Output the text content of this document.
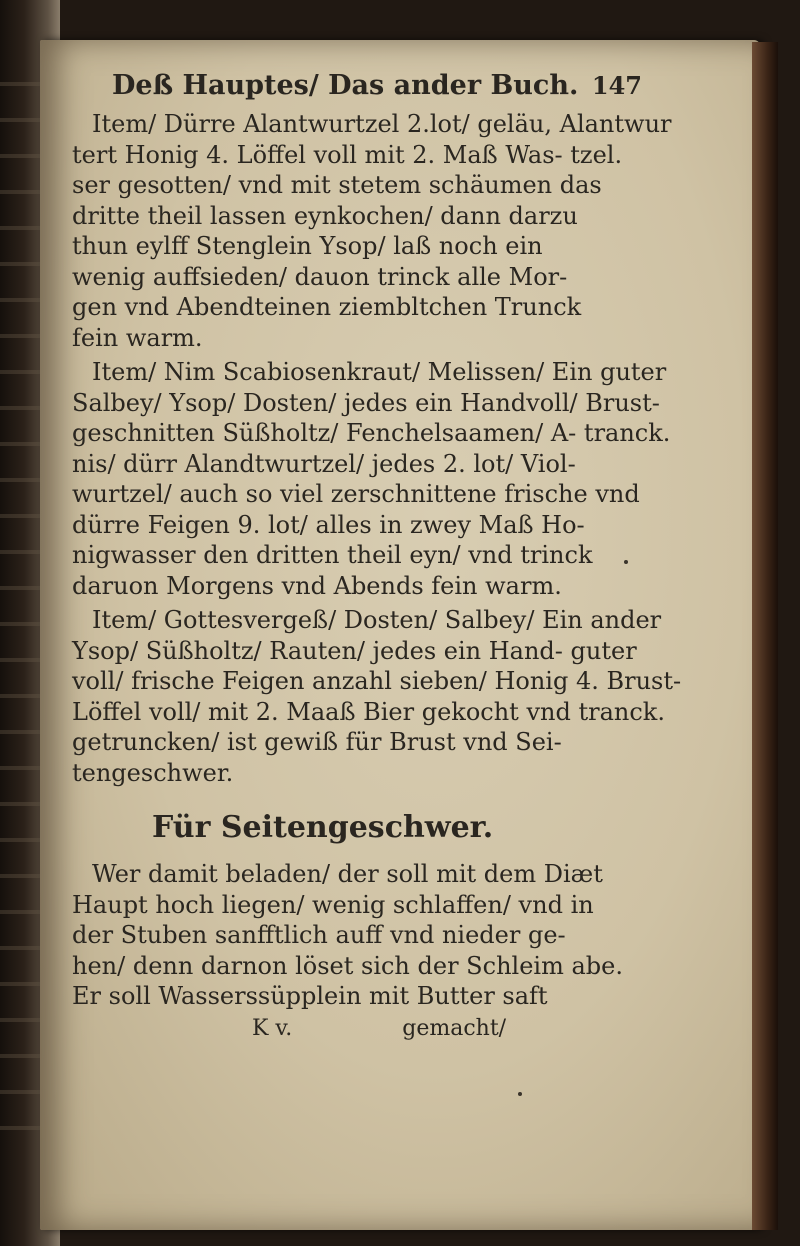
Deß Hauptes/ Das ander Buch. 147

Item/ Dürre Alantwurtzel 2.lot/ geläu, Alantwur
tert Honig 4. Löffel voll mit 2. Maß Was- tzel.
ser gesotten/ vnd mit stetem schäumen das
dritte theil lassen eynkochen/ dann darzu
thun eylff Stenglein Ysop/ laß noch ein
wenig auffsieden/ dauon trinck alle Mor-
gen vnd Abendteinen ziembltchen Trunck
fein warm.

Item/ Nim Scabiosenkraut/ Melissen/ Ein guter
Salbey/ Ysop/ Dosten/ jedes ein Handvoll/ Brust-
geschnitten Süßholtz/ Fenchelsaamen/ A- tranck.
nis/ dürr Alandtwurtzel/ jedes 2. lot/ Viol-
wurtzel/ auch so viel zerschnittene frische vnd
dürre Feigen 9. lot/ alles in zwey Maß Ho-
nigwasser den dritten theil eyn/ vnd trinck
daruon Morgens vnd Abends fein warm.

Item/ Gottesvergeß/ Dosten/ Salbey/ Ein ander
Ysop/ Süßholtz/ Rauten/ jedes ein Hand- guter
voll/ frische Feigen anzahl sieben/ Honig 4. Brust-
Löffel voll/ mit 2. Maaß Bier gekocht vnd tranck.
getruncken/ ist gewiß für Brust vnd Sei-
tengeschwer.

Für Seitengeschwer.

Wer damit beladen/ der soll mit dem Diæt
Haupt hoch liegen/ wenig schlaffen/ vnd in
der Stuben sanfftlich auff vnd nieder ge-
hen/ denn darnon löset sich der Schleim abe.
Er soll Wasserssüpplein mit Butter saft

K v.	gemacht/
